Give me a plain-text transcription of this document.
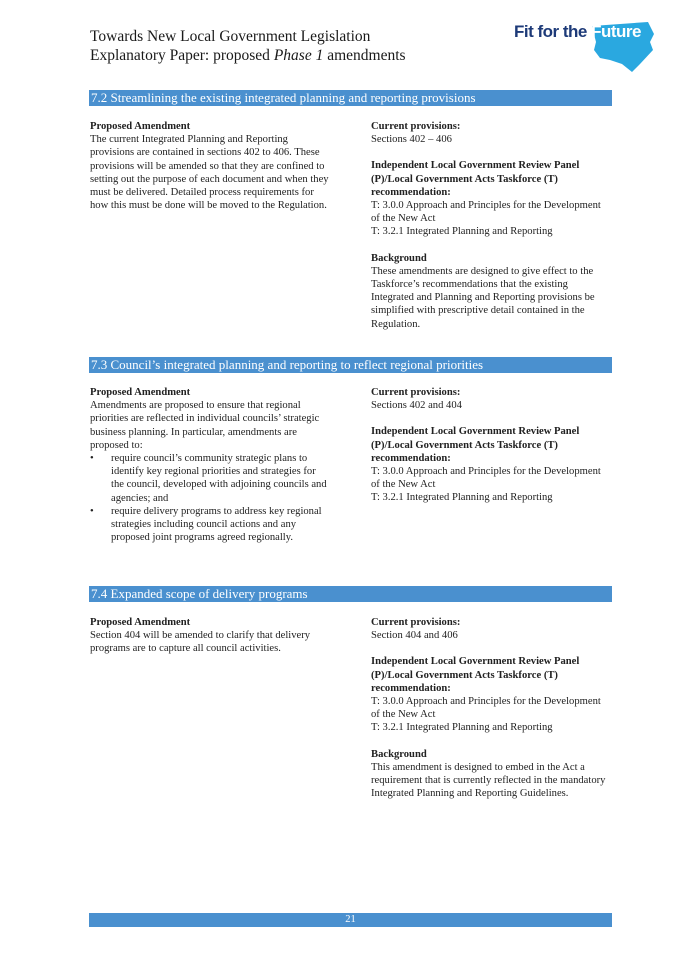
Towards New Local Government Legislation
Explanatory Paper: proposed Phase 1 amendments
Fit for the Future
7.2 Streamlining the existing integrated planning and reporting provisions
Proposed Amendment
The current Integrated Planning and Reporting provisions are contained in sections 402 to 406. These provisions will be amended so that they are confined to setting out the purpose of each document and when they must be delivered. Detailed process requirements for how this must be done will be moved to the Regulation.
Current provisions:
Sections 402 – 406
Independent Local Government Review Panel (P)/Local Government Acts Taskforce (T) recommendation:
T: 3.0.0 Approach and Principles for the Development of the New Act
T: 3.2.1 Integrated Planning and Reporting
Background
These amendments are designed to give effect to the Taskforce’s recommendations that the existing Integrated and Planning and Reporting provisions be simplified with prescriptive detail contained in the Regulation.
7.3 Council’s integrated planning and reporting to reflect regional priorities
Proposed Amendment
Amendments are proposed to ensure that regional priorities are reflected in individual councils’ strategic business planning. In particular, amendments are proposed to:
• require council’s community strategic plans to identify key regional priorities and strategies for the council, developed with adjoining councils and agencies; and
• require delivery programs to address key regional strategies including council actions and any proposed joint programs agreed regionally.
Current provisions:
Sections 402 and 404
Independent Local Government Review Panel (P)/Local Government Acts Taskforce (T) recommendation:
T: 3.0.0 Approach and Principles for the Development of the New Act
T: 3.2.1 Integrated Planning and Reporting
7.4 Expanded scope of delivery programs
Proposed Amendment
Section 404 will be amended to clarify that delivery programs are to capture all council activities.
Current provisions:
Section 404 and 406
Independent Local Government Review Panel (P)/Local Government Acts Taskforce (T) recommendation:
T: 3.0.0 Approach and Principles for the Development of the New Act
T: 3.2.1 Integrated Planning and Reporting
Background
This amendment is designed to embed in the Act a requirement that is currently reflected in the mandatory Integrated Planning and Reporting Guidelines.
21
